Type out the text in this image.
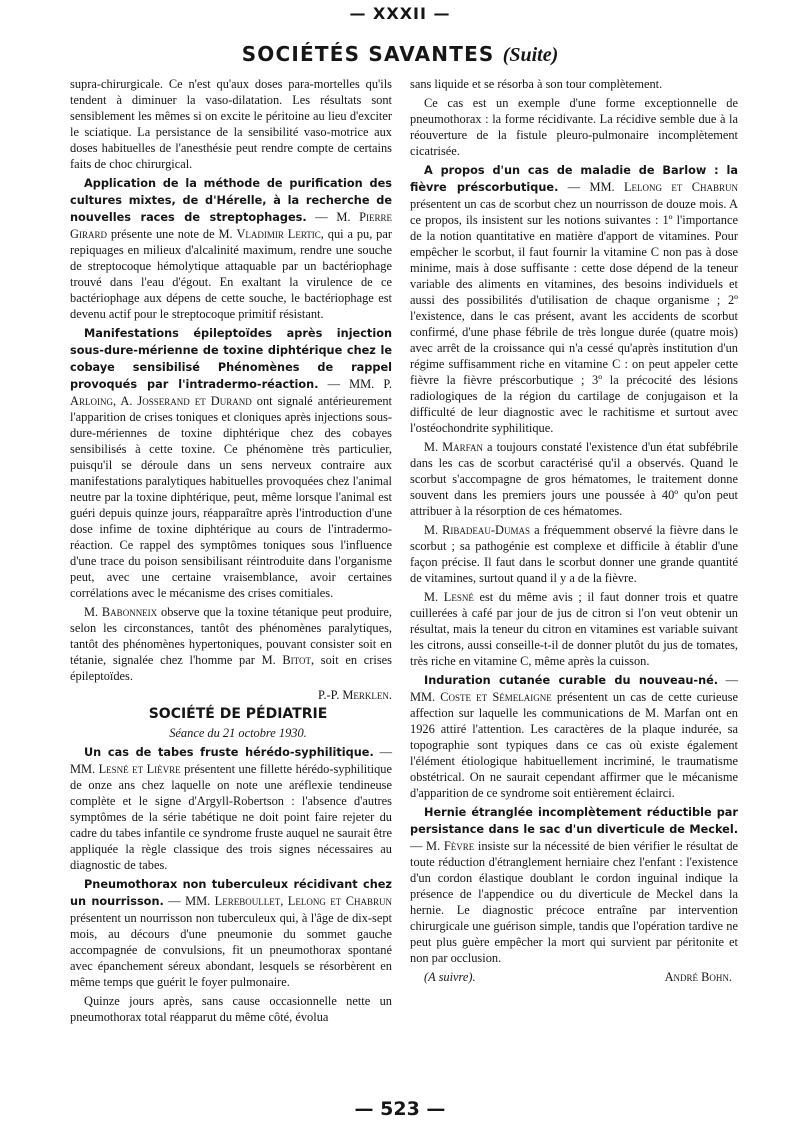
— XXXII —
SOCIÉTÉS SAVANTES (Suite)

supra-chirurgicale. Ce n'est qu'aux doses para-mortelles qu'ils tendent à diminuer la vaso-dilatation. Les résultats sont sensiblement les mêmes si on excite le péritoine au lieu d'exciter le sciatique. La persistance de la sensibilité vaso-motrice aux doses habituelles de l'anesthésie peut rendre compte de certains faits de choc chirurgical.

Application de la méthode de purification des cultures mixtes, de d'Hérelle, à la recherche de nouvelles races de streptophages. — M. Pierre Girard présente une note de M. Vladimir Lertic, qui a pu, par repiquages en milieux d'alcalinité maximum, rendre une souche de streptocoque hémolytique attaquable par un bactériophage trouvé dans l'eau d'égout. En exaltant la virulence de ce bactériophage aux dépens de cette souche, le bactériophage est devenu actif pour le streptocoque primitif résistant.

Manifestations épileptoïdes après injection sous-dure-mérienne de toxine diphtérique chez le cobaye sensibilisé Phénomènes de rappel provoqués par l'intradermo-réaction. — MM. P. Arloing, A. Josserand et Durand ont signalé antérieurement l'apparition de crises toniques et cloniques après injections sous-dure-mériennes de toxine diphtérique chez des cobayes sensibilisés à cette toxine. Ce phénomène très particulier, puisqu'il se déroule dans un sens nerveux contraire aux manifestations paralytiques habituelles provoquées chez l'animal neutre par la toxine diphtérique, peut, même lorsque l'animal est guéri depuis quinze jours, réapparaître après l'introduction d'une dose infime de toxine diphtérique au cours de l'intradermo-réaction. Ce rappel des symptômes toniques sous l'influence d'une trace du poison sensibilisant réintroduite dans l'organisme peut, avec une certaine vraisemblance, avoir certaines corrélations avec le mécanisme des crises comitiales.

M. Babonneix observe que la toxine tétanique peut produire, selon les circonstances, tantôt des phénomènes paralytiques, tantôt des phénomènes hypertoniques, pouvant consister soit en tétanie, signalée chez l'homme par M. Bitot, soit en crises épileptoïdes.

P.-P. Merklen.

SOCIÉTÉ DE PÉDIATRIE

Séance du 21 octobre 1930.

Un cas de tabes fruste hérédo-syphilitique. — MM. Lesné et Lièvre présentent une fillette hérédo-syphilitique de onze ans chez laquelle on note une aréflexie tendineuse complète et le signe d'Argyll-Robertson : l'absence d'autres symptômes de la série tabétique ne doit point faire rejeter du cadre du tabes infantile ce syndrome fruste auquel ne saurait être appliquée la règle classique des trois signes nécessaires au diagnostic de tabes.

Pneumothorax non tuberculeux récidivant chez un nourrisson. — MM. Lereboullet, Lelong et Chabrun présentent un nourrisson non tuberculeux qui, à l'âge de dix-sept mois, au décours d'une pneumonie du sommet gauche accompagnée de convulsions, fit un pneumothorax spontané avec épanchement séreux abondant, lesquels se résorbèrent en même temps que guérit le foyer pulmonaire.

Quinze jours après, sans cause occasionnelle nette un pneumothorax total réapparut du même côté, évolua

sans liquide et se résorba à son tour complètement.

Ce cas est un exemple d'une forme exceptionnelle de pneumothorax : la forme récidivante. La récidive semble due à la réouverture de la fistule pleuro-pulmonaire incomplètement cicatrisée.

A propos d'un cas de maladie de Barlow : la fièvre préscorbutique. — MM. Lelong et Chabrun présentent un cas de scorbut chez un nourrisson de douze mois. A ce propos, ils insistent sur les notions suivantes : 1º l'importance de la notion quantitative en matière d'apport de vitamines. Pour empêcher le scorbut, il faut fournir la vitamine C non pas à dose minime, mais à dose suffisante : cette dose dépend de la teneur variable des aliments en vitamines, des besoins individuels et aussi des possibilités d'utilisation de chaque organisme ; 2º l'existence, dans le cas présent, avant les accidents de scorbut confirmé, d'une phase fébrile de très longue durée (quatre mois) avec arrêt de la croissance qui n'a cessé qu'après institution d'un régime suffisamment riche en vitamine C : on peut appeler cette fièvre la fièvre préscorbutique ; 3º la précocité des lésions radiologiques de la région du cartilage de conjugaison et la difficulté de leur diagnostic avec le rachitisme et surtout avec l'ostéochondrite syphilitique.

M. Marfan a toujours constaté l'existence d'un état subfébrile dans les cas de scorbut caractérisé qu'il a observés. Quand le scorbut s'accompagne de gros hématomes, le traitement donne souvent dans les premiers jours une poussée à 40º qu'on peut attribuer à la résorption de ces hématomes.

M. Ribadeau-Dumas a fréquemment observé la fièvre dans le scorbut ; sa pathogénie est complexe et difficile à établir d'une façon précise. Il faut dans le scorbut donner une grande quantité de vitamines, surtout quand il y a de la fièvre.

M. Lesné est du même avis ; il faut donner trois et quatre cuillerées à café par jour de jus de citron si l'on veut obtenir un résultat, mais la teneur du citron en vitamines est variable suivant les citrons, aussi conseille-t-il de donner plutôt du jus de tomates, très riche en vitamine C, même après la cuisson.

Induration cutanée curable du nouveau-né. — MM. Coste et Sémelaigne présentent un cas de cette curieuse affection sur laquelle les communications de M. Marfan ont en 1926 attiré l'attention. Les caractères de la plaque indurée, sa topographie sont typiques dans ce cas où existe également l'élément étiologique habituellement incriminé, le traumatisme obstétrical. On ne saurait cependant affirmer que le mécanisme d'apparition de ce syndrome soit entièrement éclairci.

Hernie étranglée incomplètement réductible par persistance dans le sac d'un diverticule de Meckel. — M. Fèvre insiste sur la nécessité de bien vérifier le résultat de toute réduction d'étranglement herniaire chez l'enfant : l'existence d'un cordon élastique doublant le cordon inguinal indique la présence de l'appendice ou du diverticule de Meckel dans la hernie. Le diagnostic précoce entraîne par intervention chirurgicale une guérison simple, tandis que l'opération tardive ne peut plus guère empêcher la mort qui survient par péritonite et non par occlusion.

(A suivre).	André Bohn.
— 523 —
